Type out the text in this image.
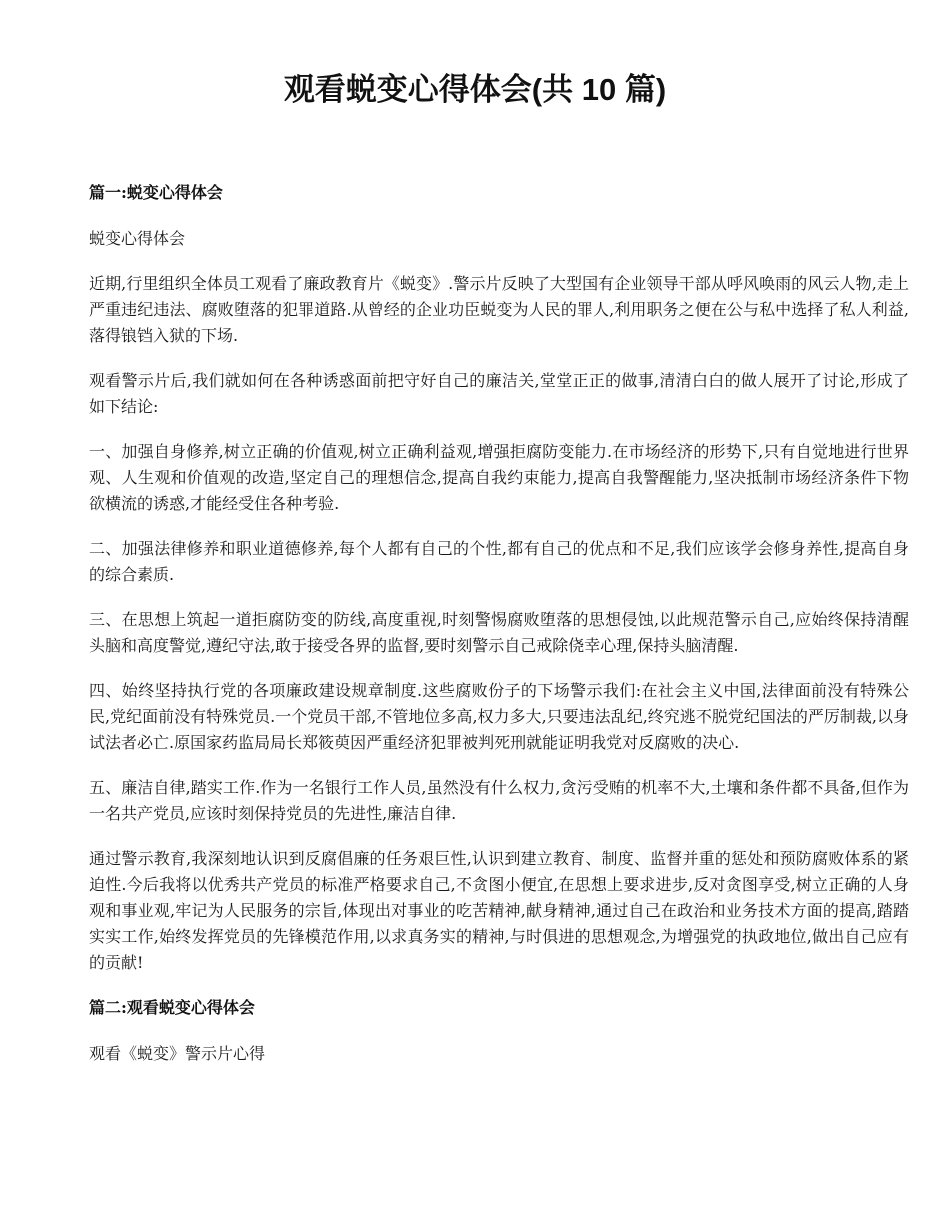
观看蜕变心得体会(共 10 篇)
篇一:蜕变心得体会

蜕变心得体会

近期,行里组织全体员工观看了廉政教育片《蜕变》.警示片反映了大型国有企业领导干部从呼风唤雨的风云人物,走上严重违纪违法、腐败堕落的犯罪道路.从曾经的企业功臣蜕变为人民的罪人,利用职务之便在公与私中选择了私人利益,落得锒铛入狱的下场.

观看警示片后,我们就如何在各种诱惑面前把守好自己的廉洁关,堂堂正正的做事,清清白白的做人展开了讨论,形成了如下结论:

一、加强自身修养,树立正确的价值观,树立正确利益观,增强拒腐防变能力.在市场经济的形势下,只有自觉地进行世界观、人生观和价值观的改造,坚定自己的理想信念,提高自我约束能力,提高自我警醒能力,坚决抵制市场经济条件下物欲横流的诱惑,才能经受住各种考验.

二、加强法律修养和职业道德修养,每个人都有自己的个性,都有自己的优点和不足,我们应该学会修身养性,提高自身的综合素质.

三、在思想上筑起一道拒腐防变的防线,高度重视,时刻警惕腐败堕落的思想侵蚀,以此规范警示自己,应始终保持清醒头脑和高度警觉,遵纪守法,敢于接受各界的监督,要时刻警示自己戒除侥幸心理,保持头脑清醒.

四、始终坚持执行党的各项廉政建设规章制度.这些腐败份子的下场警示我们:在社会主义中国,法律面前没有特殊公民,党纪面前没有特殊党员.一个党员干部,不管地位多高,权力多大,只要违法乱纪,终究逃不脱党纪国法的严厉制裁,以身试法者必亡.原国家药监局局长郑筱萸因严重经济犯罪被判死刑就能证明我党对反腐败的决心.

五、廉洁自律,踏实工作.作为一名银行工作人员,虽然没有什么权力,贪污受贿的机率不大,土壤和条件都不具备,但作为一名共产党员,应该时刻保持党员的先进性,廉洁自律.

通过警示教育,我深刻地认识到反腐倡廉的任务艰巨性,认识到建立教育、制度、监督并重的惩处和预防腐败体系的紧迫性.今后我将以优秀共产党员的标准严格要求自己,不贪图小便宜,在思想上要求进步,反对贪图享受,树立正确的人身观和事业观,牢记为人民服务的宗旨,体现出对事业的吃苦精神,献身精神,通过自己在政治和业务技术方面的提高,踏踏实实工作,始终发挥党员的先锋模范作用,以求真务实的精神,与时俱进的思想观念,为增强党的执政地位,做出自己应有的贡献!

篇二:观看蜕变心得体会

观看《蜕变》警示片心得
